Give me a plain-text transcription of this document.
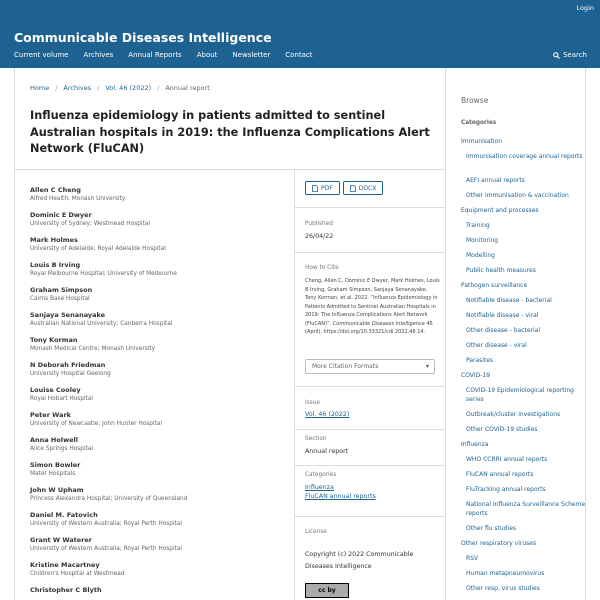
Login
Communicable Diseases Intelligence
Current volume Archives Annual Reports About Newsletter Contact	Search
Home / Archives / Vol. 46 (2022) / Annual report
Influenza epidemiology in patients admitted to sentinel Australian hospitals in 2019: the Influenza Complications Alert Network (FluCAN)
Allen C Cheng
Alfred Health; Monash University
Dominic E Dwyer
University of Sydney; Westmead Hospital
Mark Holmes
University of Adelaide; Royal Adelaide Hospital
Louis B Irving
Royal Melbourne Hospital; University of Melbourne
Graham Simpson
Cairns Base Hospital
Sanjaya Senanayake
Australian National University; Canberra Hospital
Tony Korman
Monash Medical Centre; Monash University
N Deborah Friedman
University Hospital Geelong
Louise Cooley
Royal Hobart Hospital
Peter Wark
University of Newcastle; John Hunter Hospital
Anna Holwell
Alice Springs Hospital
Simon Bowler
Mater Hospitals
John W Upham
Princess Alexandra Hospital; University of Queensland
Daniel M. Fatovich
University of Western Australia; Royal Perth Hospital
Grant W Waterer
University of Western Australia; Royal Perth Hospital
Kristine Macartney
Children's Hospital at Westmead
Christopher C Blyth
PDF	DOCX
Published
26/04/22
How to Cite
Cheng, Allen C, Dominic E Dwyer, Mark Holmes, Louis B Irving, Graham Simpson, Sanjaya Senanayake, Tony Korman, et al. 2022. “Influenza Epidemiology in Patients Admitted to Sentinel Australian Hospitals in 2019: The Influenza Complications Alert Network (FluCAN)”. Communicable Diseases Intelligence 46 (April). https://doi.org/10.33321/cdi.2022.46.14.
More Citation Formats	▾
Issue
Vol. 46 (2022)
Section
Annual report
Categories
Influenza
FluCAN annual reports
License
Copyright (c) 2022 Communicable Diseases Intelligence
cc by
Browse
Categories
Immunisation
Immunisation coverage annual reports
AEFI annual reports
Other immunisation & vaccination
Equipment and processes
Training
Monitoring
Modelling
Public health measures
Pathogen surveillance
Notifiable disease - bacterial
Notifiable disease - viral
Other disease - bacterial
Other disease - viral
Parasites
COVID-19
COVID-19 Epidemiological reporting series
Outbreak/cluster investigations
Other COVID-19 studies
Influenza
WHO CCRRI annual reports
FluCAN annual reports
FluTracking annual reports
National Influenza Surveillance Scheme reports
Other flu studies
Other respiratory viruses
RSV
Human metapneumovirus
Other resp. virus studies
